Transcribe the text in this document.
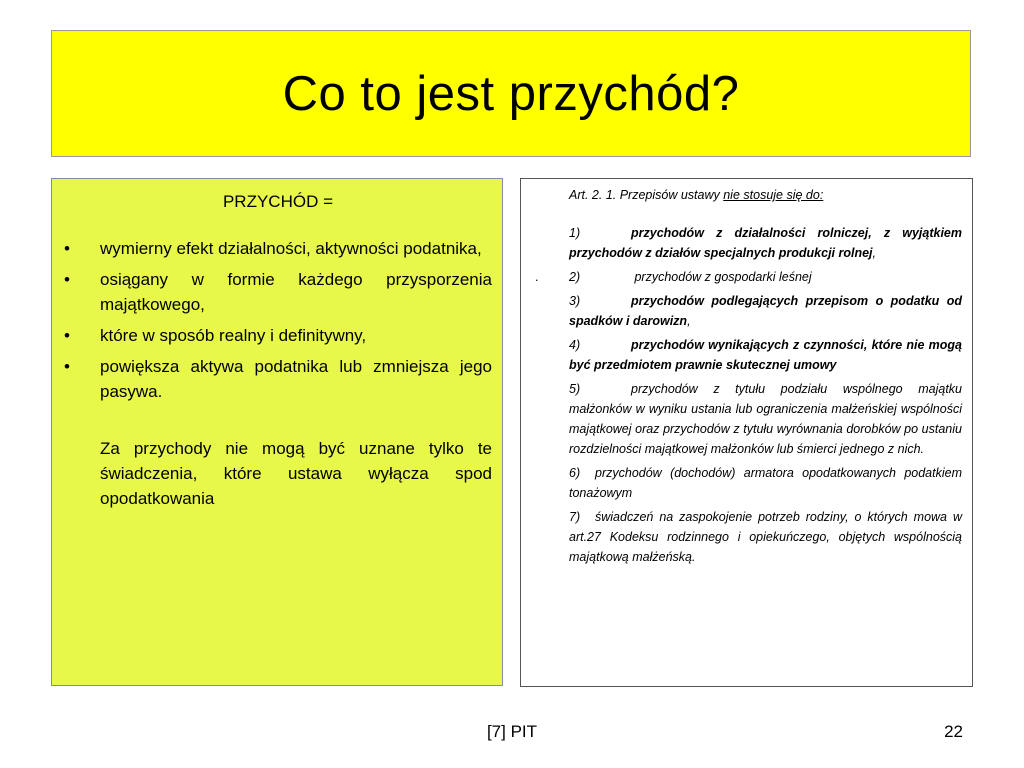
Co to jest przychód?
PRZYCHÓD =
• wymierny efekt działalności, aktywności podatnika,
• osiągany w formie każdego przysporzenia majątkowego,
• które w sposób realny i definitywny,
• powiększa aktywa podatnika lub zmniejsza jego pasywa.
Za przychody nie mogą być uznane tylko te świadczenia, które ustawa wyłącza spod opodatkowania
Art. 2. 1. Przepisów ustawy nie stosuje się do:
1)	przychodów z działalności rolniczej, z wyjątkiem przychodów z działów specjalnych produkcji rolnej,
. 2)	przychodów z gospodarki leśnej
3)	przychodów podlegających przepisom o podatku od spadków i darowizn,
4)	przychodów wynikających z czynności, które nie mogą być przedmiotem prawnie skutecznej umowy
5)	przychodów z tytułu podziału wspólnego majątku małżonków w wyniku ustania lub ograniczenia małżeńskiej wspólności majątkowej oraz przychodów z tytułu wyrównania dorobków po ustaniu rozdzielności majątkowej małżonków lub śmierci jednego z nich.
6) przychodów (dochodów) armatora opodatkowanych podatkiem tonażowym
7) świadczeń na zaspokojenie potrzeb rodziny, o których mowa w art.27 Kodeksu rodzinnego i opiekuńczego, objętych wspólnością majątkową małżeńską.
[7] PIT	22
